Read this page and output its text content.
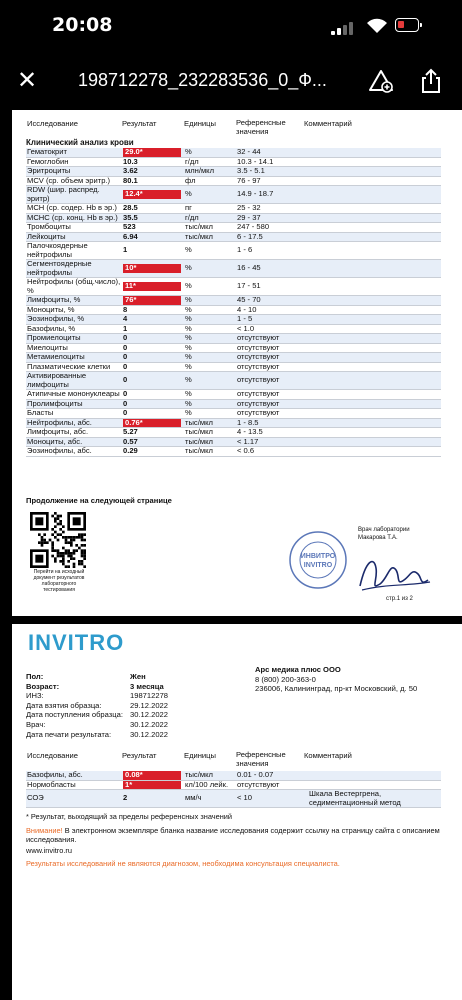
20:08
✕ 198712278_232283536_0_Ф...
Исследование	Результат	Единицы	Референсные значения
Комментарий
Клинический анализ крови
Гематокрит	29.0*	%	32 - 44	
Гемоглобин	10.3	г/дл	10.3 - 14.1	
Эритроциты	3.62	млн/мкл	3.5 - 5.1	
MCV (ср. объем эритр.)	80.1	фл	76 - 97	
RDW (шир. распред. эритр)	12.4*	%	14.9 - 18.7	
MCH (ср. содер. Hb в эр.)	28.5	пг	25 - 32	
MCHC (ср. конц. Hb в эр.)	35.5	г/дл	29 - 37	
Тромбоциты	523	тыс/мкл	247 - 580	
Лейкоциты	6.94	тыс/мкл	6 - 17.5	
Палочкоядерные нейтрофилы	1	%	1 - 6	
Сегментоядерные нейтрофилы	10*	%	16 - 45	
Нейтрофилы (общ.число), %	11*	%	17 - 51	
Лимфоциты, %	76*	%	45 - 70	
Моноциты, %	8	%	4 - 10	
Эозинофилы, %	4	%	1 - 5	
Базофилы, %	1	%	< 1.0	
Промиелоциты	0	%	отсутствуют	
Миелоциты	0	%	отсутствуют	
Метамиелоциты	0	%	отсутствуют	
Плазматические клетки	0	%	отсутствуют	
Активированные лимфоциты	0	%	отсутствуют	
Атипичные мононуклеары	0	%	отсутствуют	
Пролимфоциты	0	%	отсутствуют	
Бласты	0	%	отсутствуют	
Нейтрофилы, абс.	0.76*	тыс/мкл	1 - 8.5	
Лимфоциты, абс.	5.27	тыс/мкл	4 - 13.5	
Моноциты, абс.	0.57	тыс/мкл	< 1.17	
Эозинофилы, абс.	0.29	тыс/мкл	< 0.6	
Продолжение на следующей странице
Перейти на исходный документ результатов лабораторного тестирования
ИНВИТРО
INVITRO
Врач лаборатории
Макарова Т.А.
стр.1 из 2
INVITRO
Пол:	Жен
Возраст:	3 месяца
ИНЗ:	198712278
Дата взятия образца:	29.12.2022
Дата поступления образца: 30.12.2022
Врач:	30.12.2022
Дата печати результата:	30.12.2022
Арс медика плюс ООО
8 (800) 200-363-0
236006, Калининград, пр-кт Московский, д. 50
Исследование	Результат	Единицы	Референсные значения
Комментарий
Базофилы, абс.	0.08*	тыс/мкл	0.01 - 0.07	
Нормобласты	1*	кл/100 лейк.	отсутствуют	
СОЭ	2	мм/ч	< 10	Шкала Вестергрена, седиментационный метод
* Результат, выходящий за пределы референсных значений
Внимание! В электронном экземпляре бланка название исследования содержит ссылку на страницу сайта с описанием исследования.
www.invitro.ru
Результаты исследований не являются диагнозом, необходима консультация специалиста.
